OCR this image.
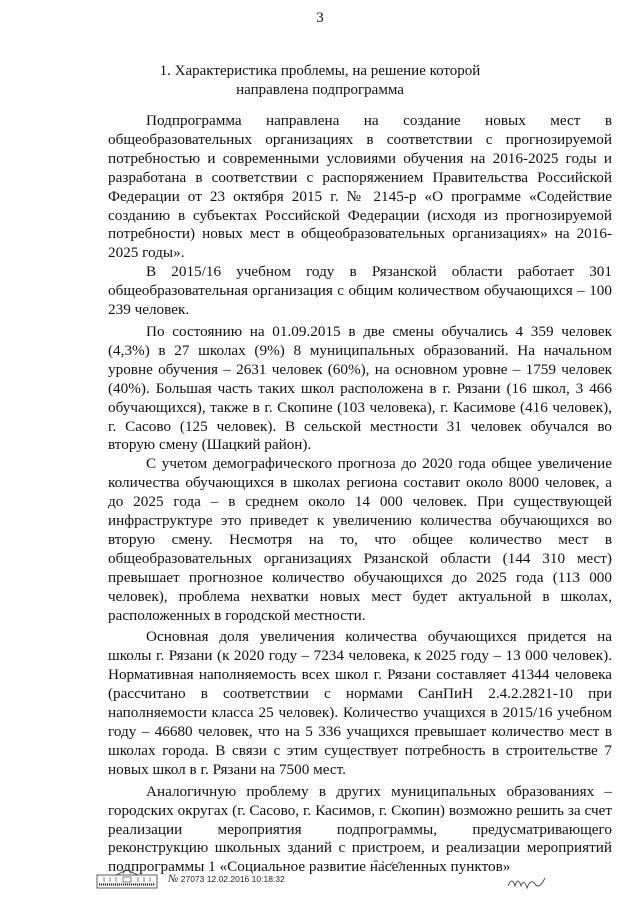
3
1. Характеристика проблемы, на решение которой
направлена подпрограмма

Подпрограмма направлена на создание новых мест в общеобразовательных организациях в соответствии с прогнозируемой потребностью и современными условиями обучения на 2016-2025 годы и разработана в соответствии с распоряжением Правительства Российской Федерации от 23 октября 2015 г. № 2145-р «О программе «Содействие созданию в субъектах Российской Федерации (исходя из прогнозируемой потребности) новых мест в общеобразовательных организациях» на 2016-2025 годы».

В 2015/16 учебном году в Рязанской области работает 301 общеобразовательная организация с общим количеством обучающихся – 100 239 человек.

По состоянию на 01.09.2015 в две смены обучались 4 359 человек (4,3%) в 27 школах (9%) 8 муниципальных образований. На начальном уровне обучения – 2631 человек (60%), на основном уровне – 1759 человек (40%). Большая часть таких школ расположена в г. Рязани (16 школ, 3 466 обучающихся), также в г. Скопине (103 человека), г. Касимове (416 человек), г. Сасово (125 человек). В сельской местности 31 человек обучался во вторую смену (Шацкий район).

С учетом демографического прогноза до 2020 года общее увеличение количества обучающихся в школах региона составит около 8000 человек, а до 2025 года – в среднем около 14 000 человек. При существующей инфраструктуре это приведет к увеличению количества обучающихся во вторую смену. Несмотря на то, что общее количество мест в общеобразовательных организациях Рязанской области (144 310 мест) превышает прогнозное количество обучающихся до 2025 года (113 000 человек), проблема нехватки новых мест будет актуальной в школах, расположенных в городской местности.

Основная доля увеличения количества обучающихся придется на школы г. Рязани (к 2020 году – 7234 человека, к 2025 году – 13 000 человек). Нормативная наполняемость всех школ г. Рязани составляет 41344 человека (рассчитано в соответствии с нормами СанПиН 2.4.2.2821-10 при наполняемости класса 25 человек). Количество учащихся в 2015/16 учебном году – 46680 человек, что на 5 336 учащихся превышает количество мест в школах города. В связи с этим существует потребность в строительстве 7 новых школ в г. Рязани на 7500 мест.

Аналогичную проблему в других муниципальных образованиях – городских округах (г. Сасово, г. Касимов, г. Скопин) возможно решить за счет реализации мероприятия подпрограммы, предусматривающего реконструкцию школьных зданий с пристроем, и реализации мероприятий подпрограммы 1 «Социальное развитие населенных пунктов»

№ 27073 12.02.2016 10:18:32
